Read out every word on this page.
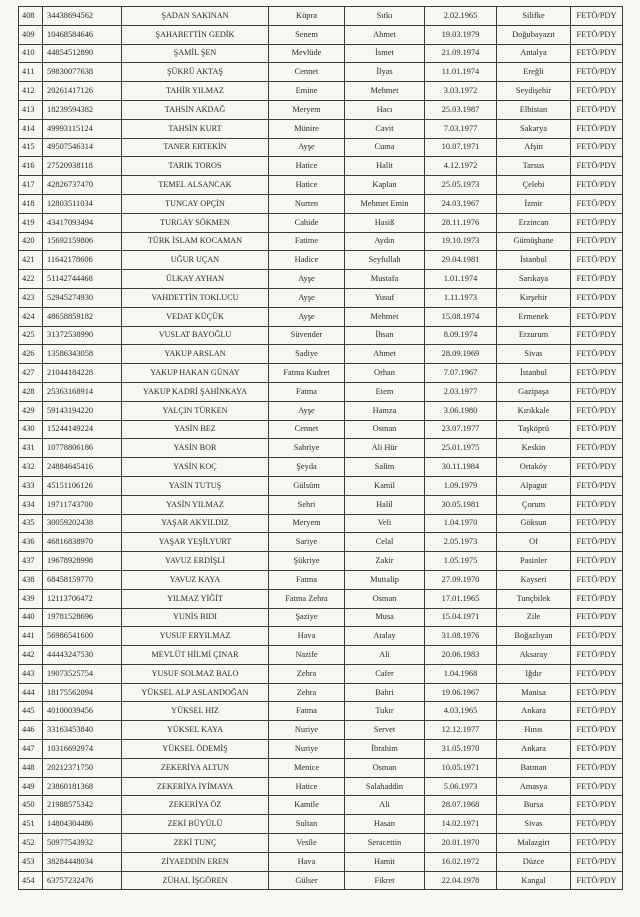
408	34438694562	ŞADAN SAKINAN	Küpra	Sıtkı	2.02.1965	Silifke	FETÖ/PDY
409	10468584646	ŞAHABETTİN GEDİK	Senem	Ahmet	19.03.1979	Doğubayazıt	FETÖ/PDY
410	44854512890	ŞAMİL ŞEN	Mevlüde	İsmet	21.09.1974	Antalya	FETÖ/PDY
411	59830077638	ŞÜKRÜ AKTAŞ	Cennet	İlyas	11.01.1974	Ereğli	FETÖ/PDY
412	20261417126	TAHİR YILMAZ	Emine	Mehmet	3.03.1972	Seydişehir	FETÖ/PDY
413	18239594382	TAHSİN AKDAĞ	Meryem	Hacı	25.03.1987	Elbistan	FETÖ/PDY
414	49993115124	TAHSİN KURT	Münire	Cavit	7.03.1977	Sakarya	FETÖ/PDY
415	49507546314	TANER ERTEKİN	Ayşe	Cuma	10.07.1971	Afşin	FETÖ/PDY
416	27520938118	TARIK TOROS	Hatice	Halit	4.12.1972	Tarsus	FETÖ/PDY
417	42826737470	TEMEL ALSANCAK	Hatice	Kaplan	25.05.1973	Çelebi	FETÖ/PDY
418	12803511034	TUNCAY OPÇİN	Nurten	Mehmet Emin	24.03.1967	İzmir	FETÖ/PDY
419	43417093494	TURGAY SÖKMEN	Cahide	Hasiß	28.11.1976	Erzincan	FETÖ/PDY
420	15692159806	TÜRK İSLAM KOCAMAN	Fatime	Aydın	19.10.1973	Gümüşhane	FETÖ/PDY
421	11642178606	UĞUR UÇAN	Hadice	Seyfullah	29.04.1981	İstanbul	FETÖ/PDY
422	51142744468	ÜLKAY AYHAN	Ayşe	Mustafa	1.01.1974	Sarıkaya	FETÖ/PDY
423	52945274930	VAHDETTİN TOKLUCU	Ayşe	Yusuf	1.11.1973	Kırşehir	FETÖ/PDY
424	48658859182	VEDAT KÜÇÜK	Ayşe	Mehmet	15.08.1974	Ermenek	FETÖ/PDY
425	31372538990	VUSLAT BAYOĞLU	Süvender	İhsan	8.09.1974	Erzurum	FETÖ/PDY
426	13586343058	YAKUP ARSLAN	Sadiye	Ahmet	28.09.1969	Sivas	FETÖ/PDY
427	21044184228	YAKUP HAKAN GÜNAY	Fatma Kudret	Orhan	7.07.1967	İstanbul	FETÖ/PDY
428	25363168914	YAKUP KADRİ ŞAHİNKAYA	Fatma	Etem	2.03.1977	Gazipaşa	FETÖ/PDY
429	59143194220	YALÇIN TÜRKEN	Ayşe	Hamza	3.06.1980	Kırıkkale	FETÖ/PDY
430	15244149224	YASİN BEZ	Cennet	Osman	23.07.1977	Taşköprü	FETÖ/PDY
431	10778806186	YASİN BOR	Sabriye	Ali Hür	25.01.1975	Keskin	FETÖ/PDY
432	24884645416	YASİN KOÇ	Şeyda	Salim	30.11.1984	Ortaköy	FETÖ/PDY
433	45151106126	YASİN TUTUŞ	Gülsüm	Kamil	1.09.1979	Alpagut	FETÖ/PDY
434	19711743700	YASİN YILMAZ	Sehri	Halil	30.05.1981	Çorum	FETÖ/PDY
435	30059202438	YAŞAR AKYILDIZ	Meryem	Veli	1.04.1970	Göksun	FETÖ/PDY
436	46816838970	YAŞAR YEŞİLYURT	Sariye	Celal	2.05.1973	Of	FETÖ/PDY
437	19678928998	YAVUZ ERDİŞLİ	Şükriye	Zakir	1.05.1975	Pasinler	FETÖ/PDY
438	68458159770	YAVUZ KAYA	Fatma	Muttalip	27.09.1970	Kayseri	FETÖ/PDY
439	12113706472	YILMAZ YİĞİT	Fatma Zehra	Osman	17.01.1965	Tunçbilek	FETÖ/PDY
440	19781528696	YUNİS BIDI	Şaziye	Musa	15.04.1971	Zile	FETÖ/PDY
441	56986541600	YUSUF ERYILMAZ	Hava	Atalay	31.08.1976	Boğazlıyan	FETÖ/PDY
442	44443247530	MEVLÜT HİLMİ ÇINAR	Nazife	Ali	20.06.1983	Aksaray	FETÖ/PDY
443	19073525754	YUSUF SOLMAZ BALO	Zehra	Cafer	1.04.1968	Iğdır	FETÖ/PDY
444	18175562094	YÜKSEL ALP ASLANDOĞAN	Zehra	Bahri	19.06.1967	Manisa	FETÖ/PDY
445	40100039456	YÜKSEL HIZ	Fatma	Tukır	4.03.1965	Ankara	FETÖ/PDY
446	33163453840	YÜKSEL KAYA	Nuriye	Servet	12.12.1977	Hınıs	FETÖ/PDY
447	10316692974	YÜKSEL ÖDEMİŞ	Nuriye	İbrahim	31.05.1970	Ankara	FETÖ/PDY
448	20212371750	ZEKERİYA ALTUN	Menice	Osman	10.05.1971	Batman	FETÖ/PDY
449	23860181368	ZEKERİYA İYİMAYA	Hatice	Salahaddin	5.06.1973	Amasya	FETÖ/PDY
450	21988575342	ZEKERİYA ÖZ	Kamile	Ali	28.07.1968	Bursa	FETÖ/PDY
451	14804304486	ZEKİ BÜYÜLÜ	Sultan	Hasan	14.02.1971	Sivas	FETÖ/PDY
452	50977543932	ZEKİ TUNÇ	Vesile	Seracettin	20.01.1970	Malazgirt	FETÖ/PDY
453	38284448034	ZİYAEDDİN EREN	Hava	Hamit	16.02.1972	Düzce	FETÖ/PDY
454	63757232476	ZÜHAL İŞGÖREN	Gülser	Fikret	22.04.1978	Kangal	FETÖ/PDY
